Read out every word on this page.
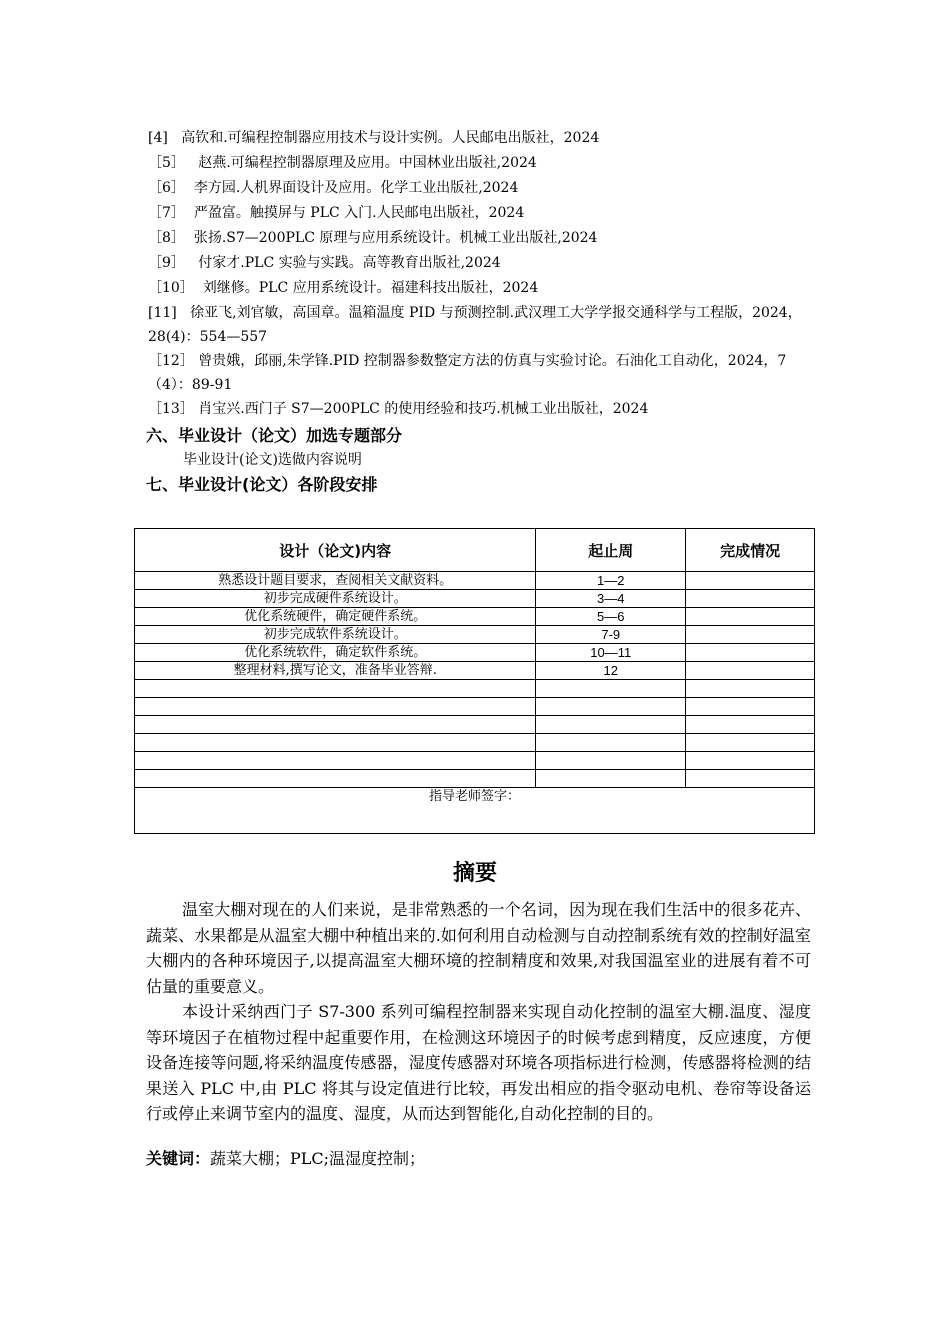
[4] 高钦和.可编程控制器应用技术与设计实例。人民邮电出版社，2024
［5］ 赵燕.可编程控制器原理及应用。中国林业出版社,2024
［6］ 李方园.人机界面设计及应用。化学工业出版社,2024
［7］ 严盈富。触摸屏与 PLC 入门.人民邮电出版社，2024
［8］ 张扬.S7—200PLC 原理与应用系统设计。机械工业出版社,2024
［9］ 付家才.PLC 实验与实践。高等教育出版社,2024
［10］ 刘继修。PLC 应用系统设计。福建科技出版社，2024
[11] 徐亚飞,刘官敏，高国章。温箱温度 PID 与预测控制.武汉理工大学学报交通科学与工程版，2024，28(4)：554—557
［12］ 曾贵娥，邱丽,朱学锋.PID 控制器参数整定方法的仿真与实验讨论。石油化工自动化，2024，7（4）：89-91
［13］ 肖宝兴.西门子 S7—200PLC 的使用经验和技巧.机械工业出版社，2024
六、毕业设计（论文）加选专题部分
毕业设计(论文)选做内容说明
七、毕业设计(论文）各阶段安排
设计（论文)内容	起止周	完成情况
熟悉设计题目要求，查阅相关文献资料。	1—2	
初步完成硬件系统设计。	3—4	
优化系统硬件，确定硬件系统。	5—6	
初步完成软件系统设计。	7-9	
优化系统软件，确定软件系统。	10—11	
整理材料,撰写论文，准备毕业答辩.	12	

指导老师签字：		
摘要

温室大棚对现在的人们来说，是非常熟悉的一个名词，因为现在我们生活中的很多花卉、蔬菜、水果都是从温室大棚中种植出来的.如何利用自动检测与自动控制系统有效的控制好温室大棚内的各种环境因子,以提高温室大棚环境的控制精度和效果,对我国温室业的进展有着不可估量的重要意义。

本设计采纳西门子 S7-300 系列可编程控制器来实现自动化控制的温室大棚.温度、湿度等环境因子在植物过程中起重要作用，在检测这环境因子的时候考虑到精度，反应速度，方便设备连接等问题,将采纳温度传感器，湿度传感器对环境各项指标进行检测，传感器将检测的结果送入 PLC 中,由 PLC 将其与设定值进行比较，再发出相应的指令驱动电机、卷帘等设备运行或停止来调节室内的温度、湿度，从而达到智能化,自动化控制的目的。

关键词：蔬菜大棚；PLC;温湿度控制；
